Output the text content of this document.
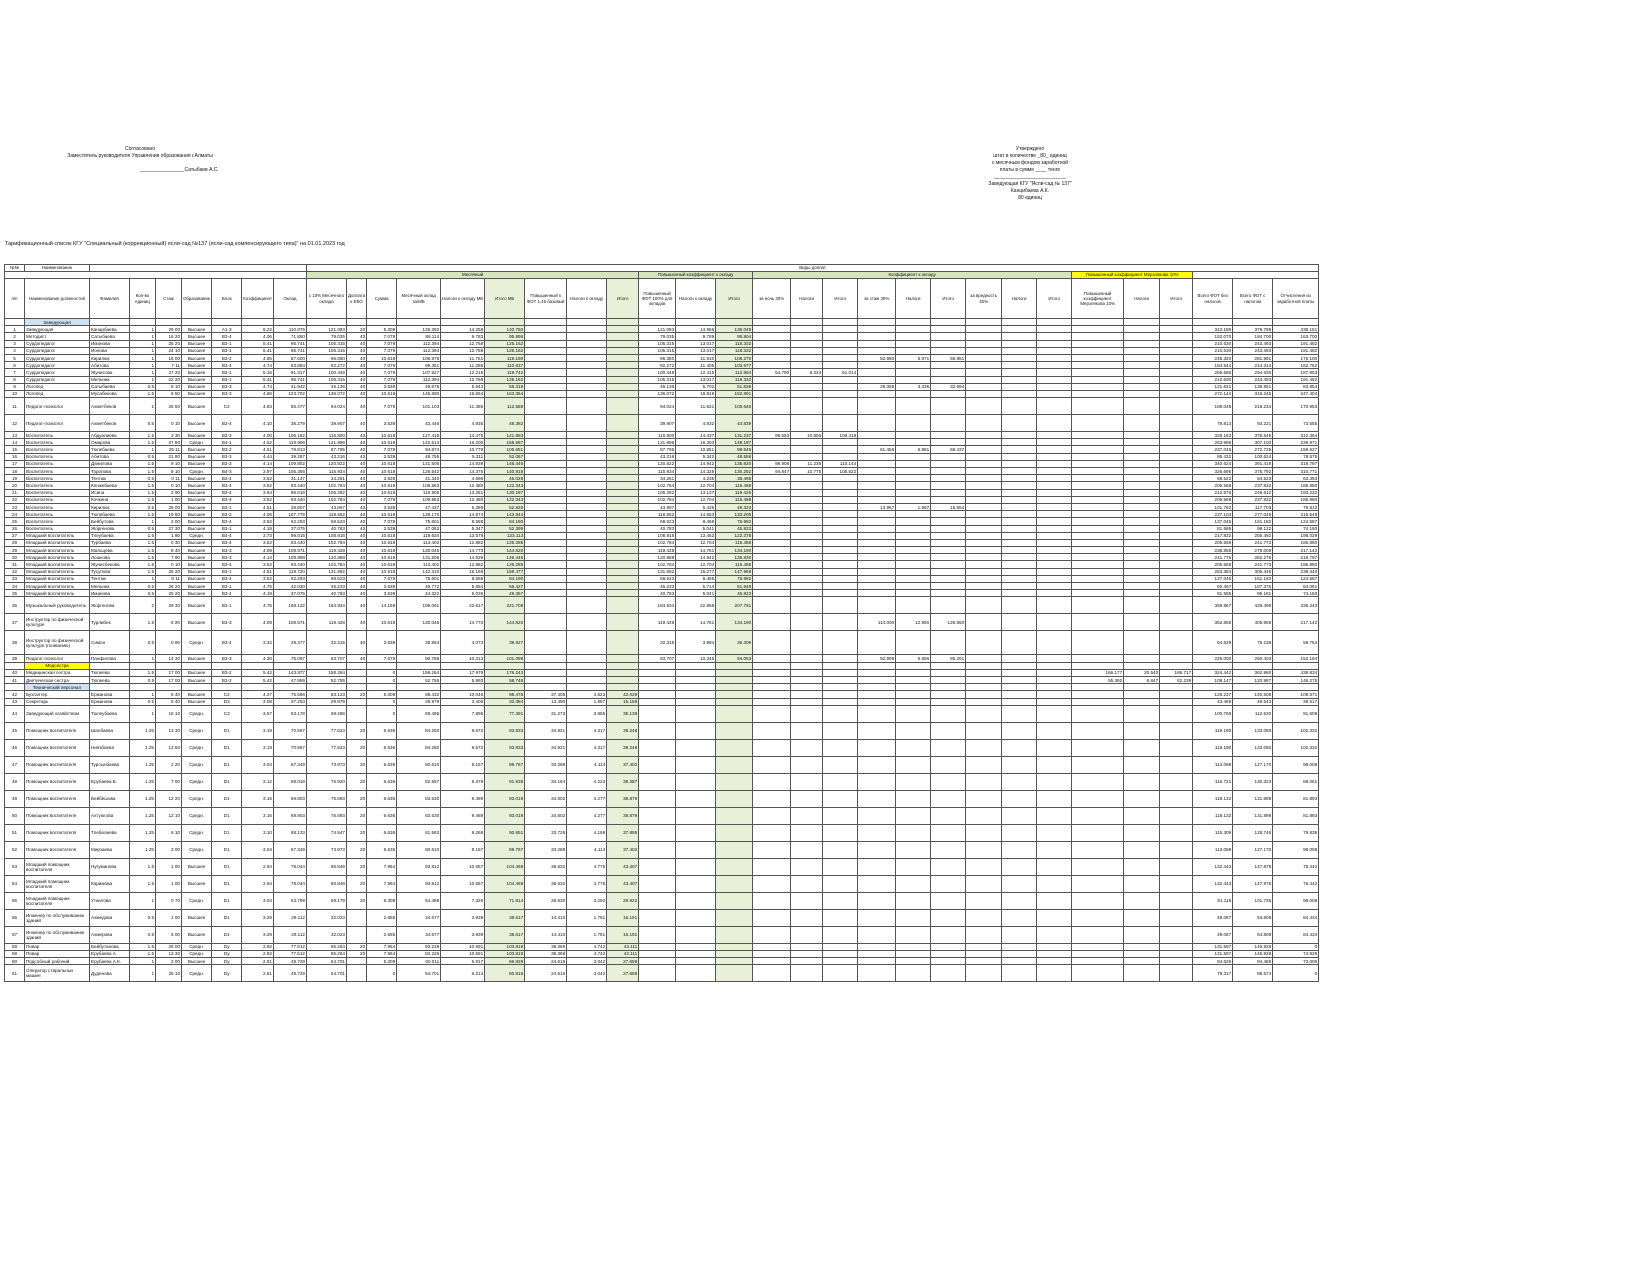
Согласовано
Заместитель руководителя Управления образования г.Алматы
________________Сатыбаев А.С.
Утверждено
штат в количестве _80_ единиц
с месячным фондом заработной
платы в сумме ____ тенге
__________________________
Заведующая КГУ "Ясли-сад № 137"
Канцибаева А.К.
80 единиц
Тарификационный список КГУ "Специальный (коррекционный) ясли-сад №137 (ясли-сад компенсирующего типа)" на 01.01.2023 год
№№	Наименование								Виды доплат																										
									Месячный									Повышенный коэффициент к окладу			Коэффициент к окладу									Повышенный коэффициент Мерзлякова 10%					
п/п	Наименование должностей	Фамилия	Кол-во единиц	Стаж	Образование	Блок	Коэффициент	Оклад	с 10% Месячного оклада	Доплата к ЕБО	Сумма	Месячный оклад за/МБ	Налоги к окладу МБ	Итого МБ	Повышенный к ФОТ 1,45 базовый	Налоги к окладу	Итого	Повышенный ФОТ 100% для окладов	Налоги к окладу	Итого	за ночь 30%	Налоги	Итого	за стаж 30%	Налоги	Итого	за вредность 40%	Налоги	Итого	Повышенный коэффициент Мерзлякова 10%	Налоги	Итого	Всего ФОТ без налогов	Всего ФОТ с налогом	Отчисления из заработной платы
	Заведующая																																		
1	Заведующая	Канцибаева	1	29 00	Высшее	А1-3	6.22	110.075	121.083	20	5.309	126.392	14.258	140.750				121.083	14.966	136.049													342.186	378.799	338.151
2	Методист	Сатыбаева	1	16 20	Высшее	В3-4	4.06	71.850	79.035	40	7.079	86.114	9.783	95.896				79.035	9.769	88.804													152.070	184.700	163.700
3	Сурдопедагог	Иманова	1	25 20	Высшее	В3-1	5.41	95.741	105.315	40	7.079	112.394	12.768	125.162				105.315	13.017	118.332													210.630	243.493	191.482
4	Сурдопедагог	Ионова	1	24 10	Высшее	В3-1	5.41	95.741	105.315	40	7.079	112.394	12.768	125.162				105.315	13.017	118.332													210.630	243.493	191.482
5	Сурдопедагог	Кирилюк	1	18 00	Высшее	В3-2	4.95	87.600	96.360	40	10.618	106.978	11.751	119.190				96.360	11.910	108.270				52.980	5.971	58.951							245.320	281.991	175.100
6	Сурдопедагог	Абитова	1	7 11	Высшее	В3-4	4.74	83.884	92.272	40	7.079	99.351	11.286	110.637				92.272	11.405	103.677													184.544	214.314	162.762
7	Сурдопедагог	Жунисова	1	27 20	Высшее	В3-1	5.16	91.317	100.448	40	7.079	107.527	12.215	119.742				100.448	12.415	112.864	54.790	6.224	61.014										255.686	294.630	187.853
8	Сурдопедагог	Мельник	1	22 20	Высшее	В3-1	5.41	95.741	105.315	40	7.079	112.394	12.768	125.162				105.315	13.017	118.332													210.630	243.493	191.482
9	Логопед	Сатыбаева	0.5	8 10	Высшее	В3-3	4.74	41.942	46.136	40	3.539	49.675	5.643	55.319				46.136	5.702	51.838				29.359	3.335	32.694							121.631	139.851	83.854
10	Логопед	Мусабекова	1.5	6 50	Высшее	В3-3	4.66	123.702	136.072	40	10.618	146.690	16.664	163.354				136.072	16.819	152.891													272.144	316.245	247.404
11	Педагог-психолог	Ахметбеков	1	26 50	Высшее	С2	4.83	85.477	94.024	40	7.079	101.103	11.485	112.588				94.024	11.621	105.646													188.048	218.234	170.953
12	Педагог-психолог	Ахметбеков	0.5	0 10	Высшее	В3-4	4.10	36.279	39.907	40	3.539	43.446	4.935	48.382				39.907	4.932	44.839													79.813	93.221	73.555
13	Воспитатель	Абдуалиева	1.5	3 30	Высшее	В3-3	4.00	106.182	116.800	40	10.618	127.418	14.475	141.893				116.800	14.437	131.237	95.563	10.856	106.419										329.163	379.549	312.364
14	Воспитатель	Омарова	1.5	27 90	Средн.	В4-1	4.52	119.906	131.896	40	10.618	142.514	16.200	158.687				131.896	16.303	148.197													263.986	307.100	239.971
15	Воспитатель	Тюлебаева	1	25 11	Высшее	В3-2	4.51	79.813	87.795	40	7.079	94.874	10.778	105.651				87.795	10.851	98.646				61.456	6.981	68.437							237.046	272.725	159.627
16	Воспитатель	Абитова	0.5	21 80	Высшее	В3-3	4.44	39.287	43.216	40	3.539	46.755	5.311	52.067				43.216	5.342	48.558													86.432	100.624	78.575
17	Воспитатель	Данилова	1.5	9 10	Высшее	В3-3	4.14	109.802	120.822	40	10.618	131.506	14.939	146.446				120.822	14.942	135.820	98.908	11.236	110.144										340.624	391.419	319.797
18	Воспитатель	Торопова	1.5	8 10	Средн.	В4-3	3.97	105.356	115.934	40	10.618	126.542	14.375	140.918				115.934	14.328	130.252	94.847	10.775	105.622										326.695	375.792	310.771
19	Воспитатель	Тентюк	0.5	0 11	Высшее	В3-4	3.52	31.147	34.261	40	3.539	41.340	4.696	46.028				34.261	4.235	38.496													68.522	84.523	63.393
20	Воспитатель	Кенжебаева	1.5	0 10	Высшее	В3-4	3.52	93.440	102.784	40	10.618	109.863	12.480	122.343				102.784	12.704	115.488													205.568	237.832	186.880
21	Воспитатель	Исина	1.5	2 90	Высшее	В3-4	3.64	96.616	106.282	40	10.618	116.906	13.281	130.187				106.282	13.137	119.425													212.576	249.612	193.232
22	Воспитатель	Кочкина	1.5	1 00	Высшее	В3-4	3.52	93.440	102.784	40	7.079	109.863	12.480	122.343				102.784	12.704	115.488													205.568	237.832	186.880
23	Воспитатель	Кирилюк	0.5	25 00	Высшее	В3-1	4.51	39.907	43.897	40	3.539	47.437	5.389	52.826				43.897	5.426	49.323				13.967	1.587	15.554							101.762	117.703	79.813
24	Воспитатель	Тюлебаева	1.5	19 80	Высшее	В3-2	4.06	107.775	118.552	40	10.618	129.170	14.674	143.844				118.552	14.653	133.205													237.104	277.049	215.549
25	Воспитатель	Бейбутова	1	2 00	Высшее	В3-4	3.52	62.293	68.523	40	7.079	75.601	8.588	84.190				68.523	8.469	76.992													137.046	161.182	124.587
26	Воспитатель	Жоргенова	0.5	27 30	Высшее	В3-1	4.19	37.075	40.783	40	3.539	47.062	5.347	52.399				40.783	5.041	45.823													81.565	98.122	74.150
27	Младший воспитатель	Тлеубаева	1.5	1 90	Средн.	В4-4	3.73	99.015	108.916	40	10.618	119.534	13.579	133.113				108.916	13.462	122.378													217.832	255.492	198.029
28	Младший воспитатель	Турбаева	1.5	0 30	Высшее	В3-4	3.52	93.440	102.784	40	10.618	113.402	12.882	126.285				102.784	12.704	115.488													205.568	241.773	186.880
29	Младший воспитатель	Мальцева	1.5	8 40	Высшее	В3-3	4.09	108.571	119.428	40	10.618	130.046	14.773	144.820				119.428	14.761	134.190													238.856	279.009	217.142
30	Младший воспитатель	Лошкова	1.5	7 90	Высшее	В3-3	4.14	109.898	120.888	40	10.618	131.506	14.939	146.446				120.888	14.942	135.830													241.776	282.276	219.797
31	Младший воспитатель	Жунисбекова	1.5	0 10	Высшее	В3-4	3.52	93.440	102.784	40	10.618	113.402	12.882	126.285				102.784	12.704	115.488													205.568	241.773	186.880
32	Младший воспитатель	Тусупова	1.5	25 20	Высшее	В3-1	4.51	119.720	131.692	40	10.618	142.310	16.166	158.477				131.692	16.277	147.969													263.384	306.446	239.440
33	Младший воспитатель	Тентюк	1	0 11	Высшее	В3-4	3.52	62.293	68.523	40	7.079	75.601	8.588	84.190				68.523	8.469	76.992													137.046	161.182	124.587
34	Младший воспитатель	Мельник	0.5	26 20	Высшее	В3-1	4.75	42.030	46.233	40	3.539	49.772	5.654	55.427				46.233	5.714	51.948													92.467	107.375	84.061
35	Младший воспитатель	Иманова	0.5	25 20	Высшее	В3-4	4.19	37.075	40.783	40	3.539	44.322	5.035	49.357				40.783	5.041	45.823													81.565	95.181	74.150
36	Музыкальный руководитель	Жоргенова	2	29 30	Высшее	В3-1	4.75	168.122	184.934	40	14.158	199.091	22.617	221.708				184.934	22.858	207.791													369.867	429.499	336.243
37	Инструктор по физической культуре	Турлибек	1.5	6 20	Высшее	В3-3	4.09	108.571	119.428	40	10.618	130.046	14.773	144.820				119.428	14.761	134.190				114.000	12.950	126.950							352.856	405.959	217.142
38	Инструктор по физической культуре (плаванию)	Симон	0.5	0 90	Средн.	В3-4	3.32	29.377	32.315	40	3.539	35.854	4.073	39.927				32.315	3.994	36.309													64.629	76.236	58.754
39	Педагог-психолог	Панфилова	1	14 30	Высшее	В3-3	4.30	76.097	83.707	40	7.079	90.786	10.313	101.099				83.707	10.346	94.053				52.995	6.656	65.251							226.000	260.403	152.194
	Медсестра																																		
40	Медицинская сестра	Тюлеева	1.5	17 00	Высшее	В3-2	5.42	143.877	158.264		0	158.264	17.979	176.243																166.177	20.540	186.717	324.442	362.960	438.834
41	Диетическая сестра	Тюлеева	0.5	17 00	Высшее	В3-2	5.42	47.959	52.755		0	52.755	5.993	58.748																55.392	6.847	62.239	108.147	120.987	146.275
	Технический персонал																																		
42	Бухгалтер	Ержанова	1	5 40	Высшее	С2	4.27	75.566	83.123	20	5.309	88.432	10.046	98.478	37.405	4.623	42.029																125.237	140.508	109.571
43	Секретарь	Ержанова	0.5	5 40	Высшее	D3	3.08	27.253	29.979		0	29.979	3.406	33.384	13.490	1.667	15.158																43.469	48.543	39.517
44	Заведующий хозяйством	Тюлеубаева	1	15 10	Средн.	С3	3.57	63.178	69.496		0	69.496	7.895	77.391	31.273	3.865	35.139																100.769	112.530	91.609
45	Помощник воспитателя	Шалбаева	1.25	13 30	Средн.	D1	3.19	70.567	77.623	20	6.636	84.260	9.572	93.833	34.931	4.317	39.248																119.190	133.080	102.332
46	Помощник воспитателя	Ниязбаева	1.25	13 50	Средн.	D1	3.19	70.567	77.623	20	6.636	84.260	9.572	93.833	34.931	4.317	39.248																119.190	133.080	102.332
47	Помощник воспитателя	Турсынбаева	1.25	2 20	Средн.	D1	3.04	67.349	73.973	20	6.636	80.610	9.157	89.767	33.288	4.114	37.402																113.098	127.170	98.008
48	Помощник воспитателя	Ерубаева Б.	1.25	7 00	Средн.	D1	3.12	69.018	75.920	20	6.636	82.557	9.378	91.935	34.164	4.223	38.387																116.721	130.323	88.061
49	Помощник воспитателя	Бейбешова	1.25	12 20	Средн.	D1	3.16	69.903	76.893	20	6.636	83.530	9.489	93.019	34.602	4.277	38.879																118.132	131.898	81.893
50	Помощник воспитателя	Ахтуюгова	1.25	12 10	Средн.	D1	3.16	69.903	76.893	20	6.636	83.530	9.489	93.019	34.602	4.277	38.879																118.132	131.898	81.893
51	Помощник воспитателя	Тлебалиева	1.25	6 10	Средн.	D1	3.10	68.133	74.947	20	6.636	81.583	9.268	90.851	33.726	4.169	37.895																115.309	128.746	79.835
52	Помощник воспитателя	Мирзаева	1.25	3 00	Средн.	D1	3.04	67.349	73.973	20	6.636	80.610	9.157	89.767	33.288	4.114	37.402																113.098	127.170	98.008
53	Младший помощник воспитателя	Нугуманова	1.5	1 00	Высшее	D1	2.94	78.044	85.848	20	7.964	93.812	10.657	104.469	38.632	4.775	43.407																132.443	147.875	75.442
54	Младший помощник воспитателя	Каримова	1.5	1 00	Высшее	D1	2.94	78.044	85.848	20	7.964	93.812	10.657	104.469	38.632	4.775	43.407																132.443	147.875	75.442
55	Младший помощник воспитателя	Уткилова	1	0 70	Средн.	D1	3.04	53.799	59.179	20	5.309	64.488	7.326	71.814	26.630	3.292	29.922																91.118	101.736	98.008
56	Инженер по обслуживанию зданий	Ахмедова	0.5	1 00	Высшее	D1	3.29	29.112	32.023		2.655	34.677	3.939	38.617	14.410	1.781	16.191																49.087	54.808	84.434
57	Инженер по обслуживанию зданий	Ахмерова	0.5	5 00	Высшее	D1	3.29	29.112	32.023		2.655	34.677	3.939	38.617	14.410	1.781	16.191																49.087	54.808	84.434
58	Повар	Бейбутанова	1.5	26 00	Средн.	Dу	2.92	77.512	85.264	20	7.964	93.228	10.591	103.818	38.369	4.742	43.111																131.597	146.928	0
59	Повар	Ерубаева А.	1.5	13 30	Средн.	Dу	2.92	77.512	85.264	20	7.964	93.228	10.591	103.818	38.369	4.742	43.111																131.597	146.928	74.929
60	Подсобный рабочий	Ерубаева А.К.	1	2 00	Высшее	Dу	2.81	49.729	54.701		5.309	60.011	6.817	66.828	24.616	3.042	27.658																84.626	94.486	73.006
61	Оператор стиральных машин	Дуденова	1	25 10	Средн.	Dу	2.81	49.729	54.701		0	54.701	6.214	60.916	24.616	3.042	27.658																79.317	88.574	0
